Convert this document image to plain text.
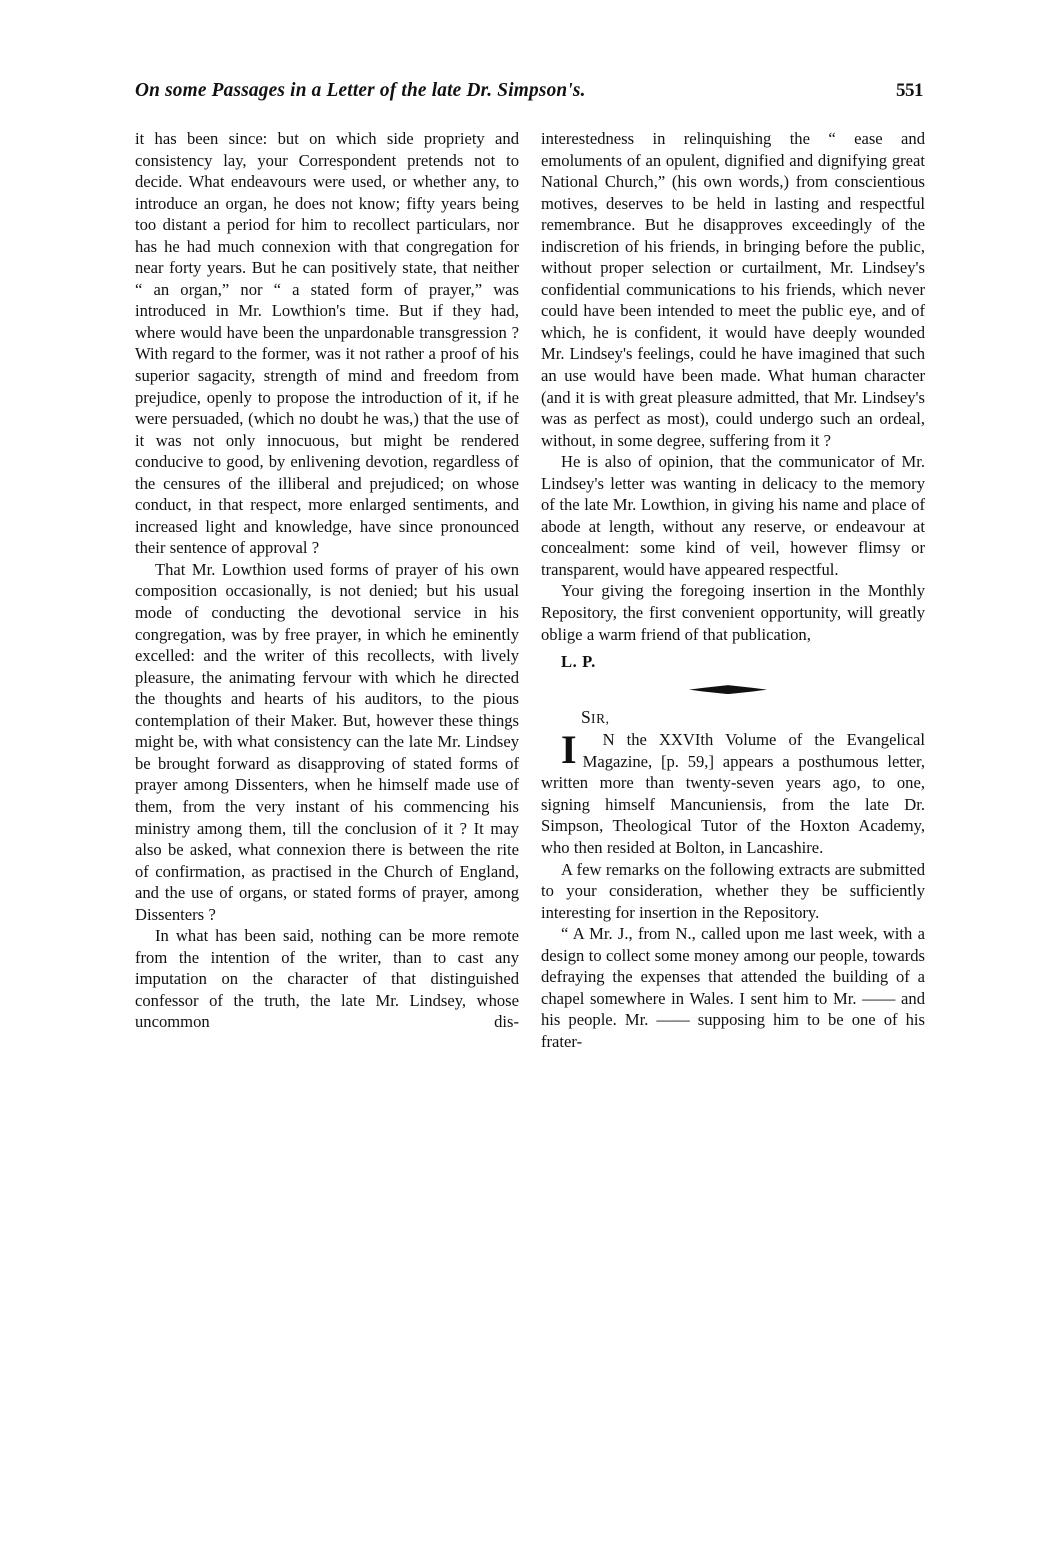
On some Passages in a Letter of the late Dr. Simpson's.	551

it has been since: but on which side propriety and consistency lay, your Correspondent pretends not to decide. What endeavours were used, or whether any, to introduce an organ, he does not know; fifty years being too distant a period for him to recollect particulars, nor has he had much connexion with that congregation for near forty years. But he can positively state, that neither “ an organ,” nor “ a stated form of prayer,” was introduced in Mr. Lowthion's time. But if they had, where would have been the unpardonable transgression ? With regard to the former, was it not rather a proof of his superior sagacity, strength of mind and freedom from prejudice, openly to propose the introduction of it, if he were persuaded, (which no doubt he was,) that the use of it was not only innocuous, but might be rendered conducive to good, by enlivening devotion, regardless of the censures of the illiberal and prejudiced; on whose conduct, in that respect, more enlarged sentiments, and increased light and knowledge, have since pronounced their sentence of approval ?

That Mr. Lowthion used forms of prayer of his own composition occasionally, is not denied; but his usual mode of conducting the devotional service in his congregation, was by free prayer, in which he eminently excelled: and the writer of this recollects, with lively pleasure, the animating fervour with which he directed the thoughts and hearts of his auditors, to the pious contemplation of their Maker. But, however these things might be, with what consistency can the late Mr. Lindsey be brought forward as disapproving of stated forms of prayer among Dissenters, when he himself made use of them, from the very instant of his commencing his ministry among them, till the conclusion of it ? It may also be asked, what connexion there is between the rite of confirmation, as practised in the Church of England, and the use of organs, or stated forms of prayer, among Dissenters ?

In what has been said, nothing can be more remote from the intention of the writer, than to cast any imputation on the character of that distinguished confessor of the truth, the late Mr. Lindsey, whose uncommon dis-

interestedness in relinquishing the “ ease and emoluments of an opulent, dignified and dignifying great National Church,” (his own words,) from conscientious motives, deserves to be held in lasting and respectful remembrance. But he disapproves exceedingly of the indiscretion of his friends, in bringing before the public, without proper selection or curtailment, Mr. Lindsey's confidential communications to his friends, which never could have been intended to meet the public eye, and of which, he is confident, it would have deeply wounded Mr. Lindsey's feelings, could he have imagined that such an use would have been made. What human character (and it is with great pleasure admitted, that Mr. Lindsey's was as perfect as most), could undergo such an ordeal, without, in some degree, suffering from it ?

He is also of opinion, that the communicator of Mr. Lindsey's letter was wanting in delicacy to the memory of the late Mr. Lowthion, in giving his name and place of abode at length, without any reserve, or endeavour at concealment: some kind of veil, however flimsy or transparent, would have appeared respectful.

Your giving the foregoing insertion in the Monthly Repository, the first convenient opportunity, will greatly oblige a warm friend of that publication,

L. P.

SIR,

I	N the XXVIth Volume of the Evangelical Magazine, [p. 59,] appears a posthumous letter, written more than twenty-seven years ago, to one, signing himself Mancuniensis, from the late Dr. Simpson, Theological Tutor of the Hoxton Academy, who then resided at Bolton, in Lancashire.

A few remarks on the following extracts are submitted to your consideration, whether they be sufficiently interesting for insertion in the Repository.

“ A Mr. J., from N., called upon me last week, with a design to collect some money among our people, towards defraying the expenses that attended the building of a chapel somewhere in Wales. I sent him to Mr. —— and his people. Mr. —— supposing him to be one of his frater-
